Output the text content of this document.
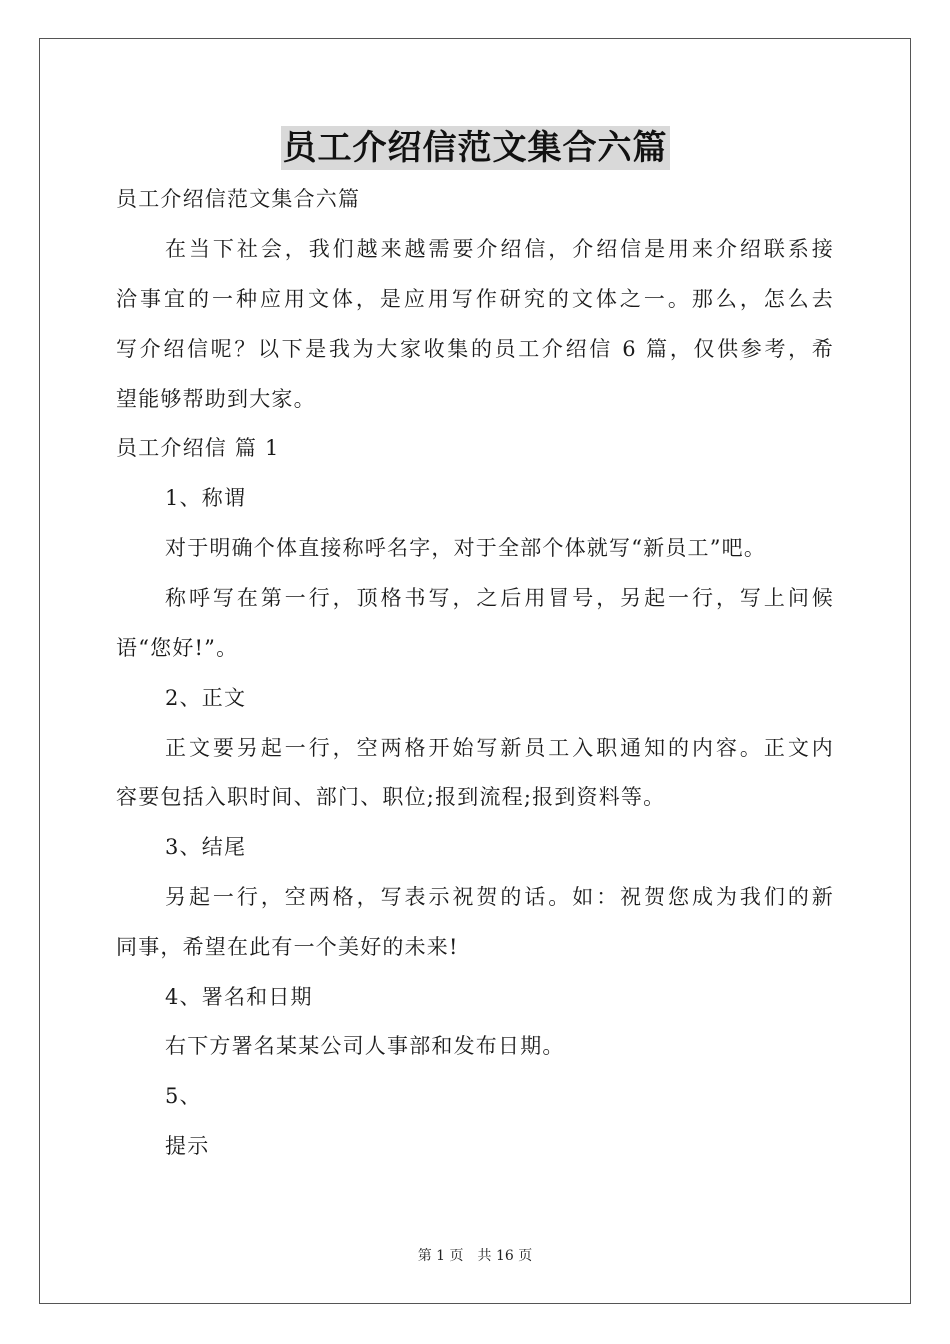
员工介绍信范文集合六篇
员工介绍信范文集合六篇
在当下社会，我们越来越需要介绍信，介绍信是用来介绍联系接
洽事宜的一种应用文体，是应用写作研究的文体之一。那么，怎么去
写介绍信呢？以下是我为大家收集的员工介绍信 6 篇，仅供参考，希
望能够帮助到大家。
员工介绍信 篇 1
1、称谓
对于明确个体直接称呼名字，对于全部个体就写“新员工”吧。
称呼写在第一行，顶格书写，之后用冒号，另起一行，写上问候
语“您好!”。
2、正文
正文要另起一行，空两格开始写新员工入职通知的内容。正文内
容要包括入职时间、部门、职位;报到流程;报到资料等。
3、结尾
另起一行，空两格，写表示祝贺的话。如：祝贺您成为我们的新
同事，希望在此有一个美好的未来!
4、署名和日期
右下方署名某某公司人事部和发布日期。
5、
提示
第 1 页 共 16 页
